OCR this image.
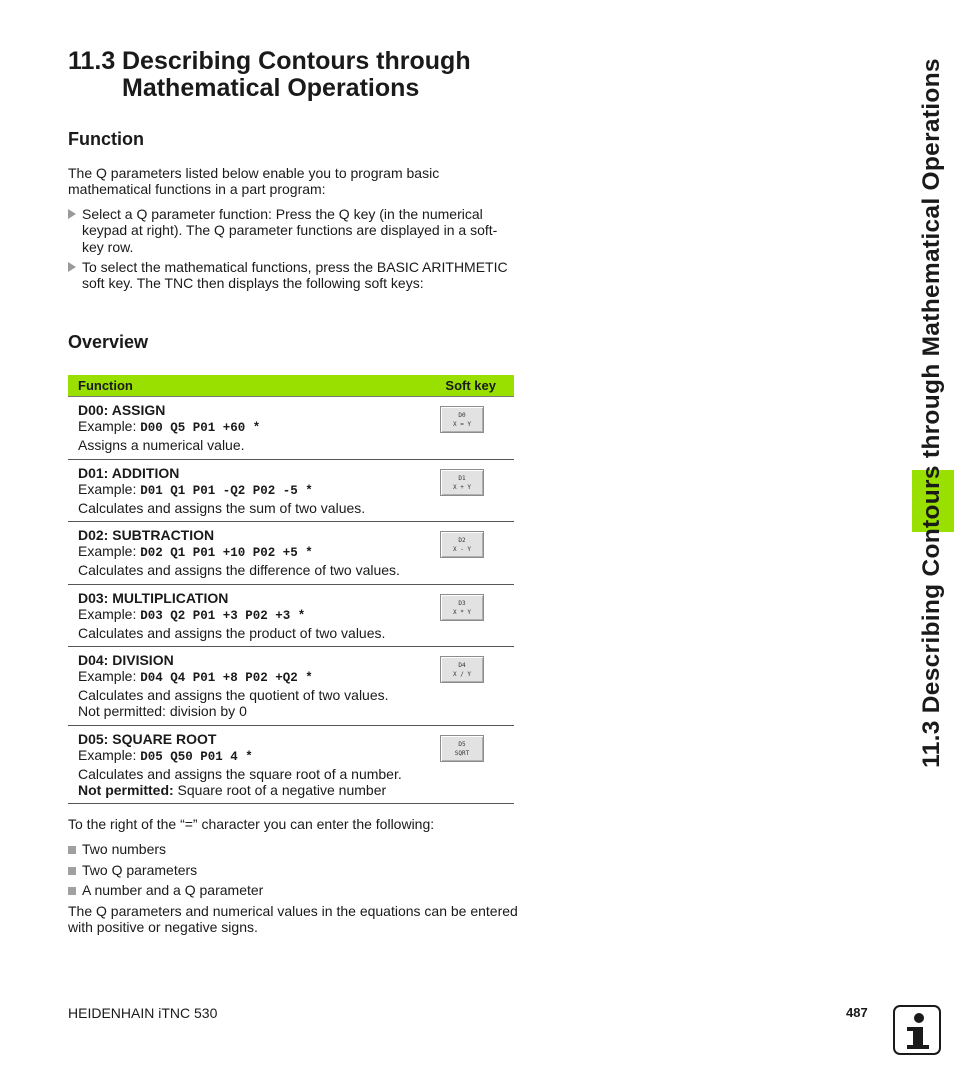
11.3 Describing Contours through
Mathematical Operations
Function

The Q parameters listed below enable you to program basic mathematical functions in a part program:

Select a Q parameter function: Press the Q key (in the numerical keypad at right). The Q parameter functions are displayed in a soft-key row.
To select the mathematical functions, press the BASIC ARITHMETIC soft key. The TNC then displays the following soft keys:
Overview
Function	Soft key
D00: ASSIGN
Example: D00 Q5 P01 +60 *
Assigns a numerical value.
D0
X = Y
D01: ADDITION
Example: D01 Q1 P01 -Q2 P02 -5 *
Calculates and assigns the sum of two values.
D1
X + Y
D02: SUBTRACTION
Example: D02 Q1 P01 +10 P02 +5 *
Calculates and assigns the difference of two values.
D2
X - Y
D03: MULTIPLICATION
Example: D03 Q2 P01 +3 P02 +3 *
Calculates and assigns the product of two values.
D3
X * Y
D04: DIVISION
Example: D04 Q4 P01 +8 P02 +Q2 *
Calculates and assigns the quotient of two values.
Not permitted: division by 0
D4
X / Y
D05: SQUARE ROOT
Example: D05 Q50 P01 4 *
Calculates and assigns the square root of a number.
Not permitted: Square root of a negative number
D5
SQRT

To the right of the “=” character you can enter the following:

Two numbers
Two Q parameters
A number and a Q parameter

The Q parameters and numerical values in the equations can be entered with positive or negative signs.

11.3 Describing Contours through Mathematical Operations
HEIDENHAIN iTNC 530	487
